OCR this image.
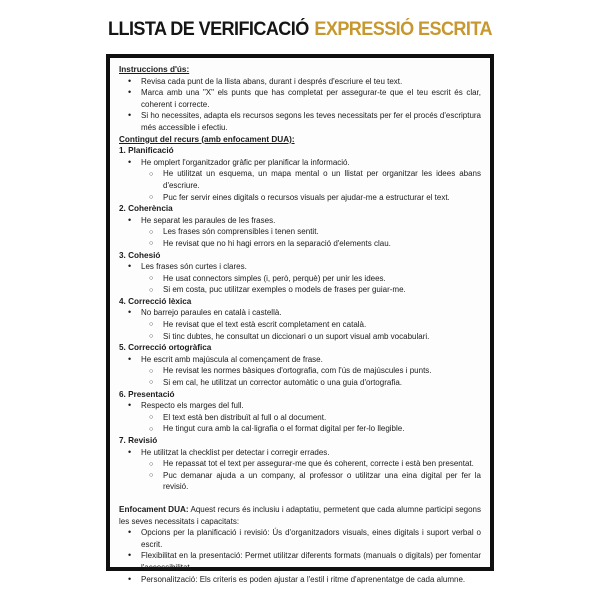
LLISTA DE VERIFICACIÓ EXPRESSIÓ ESCRITA
Instruccions d'ús:
• Revisa cada punt de la llista abans, durant i després d'escriure el teu text.
• Marca amb una "X" els punts que has completat per assegurar-te que el teu escrit és clar, coherent i correcte.
• Si ho necessites, adapta els recursos segons les teves necessitats per fer el procés d'escriptura més accessible i efectiu.
Contingut del recurs (amb enfocament DUA):
1. Planificació
• He omplert l'organitzador gràfic per planificar la informació.
○ He utilitzat un esquema, un mapa mental o un llistat per organitzar les idees abans d'escriure.
○ Puc fer servir eines digitals o recursos visuals per ajudar-me a estructurar el text.
2. Coherència
• He separat les paraules de les frases.
○ Les frases són comprensibles i tenen sentit.
○ He revisat que no hi hagi errors en la separació d'elements clau.
3. Cohesió
• Les frases són curtes i clares.
○ He usat connectors simples (i, però, perquè) per unir les idees.
○ Si em costa, puc utilitzar exemples o models de frases per guiar-me.
4. Correcció lèxica
• No barrejo paraules en català i castellà.
○ He revisat que el text està escrit completament en català.
○ Si tinc dubtes, he consultat un diccionari o un suport visual amb vocabulari.
5. Correcció ortogràfica
• He escrit amb majúscula al començament de frase.
○ He revisat les normes bàsiques d'ortografia, com l'ús de majúscules i punts.
○ Si em cal, he utilitzat un corrector automàtic o una guia d'ortografia.
6. Presentació
• Respecto els marges del full.
○ El text està ben distribuït al full o al document.
○ He tingut cura amb la cal·ligrafia o el format digital per fer-lo llegible.
7. Revisió
• He utilitzat la checklist per detectar i corregir errades.
○ He repassat tot el text per assegurar-me que és coherent, correcte i està ben presentat.
○ Puc demanar ajuda a un company, al professor o utilitzar una eina digital per fer la revisió.

Enfocament DUA: Aquest recurs és inclusiu i adaptatiu, permetent que cada alumne participi segons les seves necessitats i capacitats:

• Opcions per la planificació i revisió: Ús d'organitzadors visuals, eines digitals i suport verbal o escrit.
• Flexibilitat en la presentació: Permet utilitzar diferents formats (manuals o digitals) per fomentar l'accessibilitat.
• Personalització: Els criteris es poden ajustar a l'estil i ritme d'aprenentatge de cada alumne.
